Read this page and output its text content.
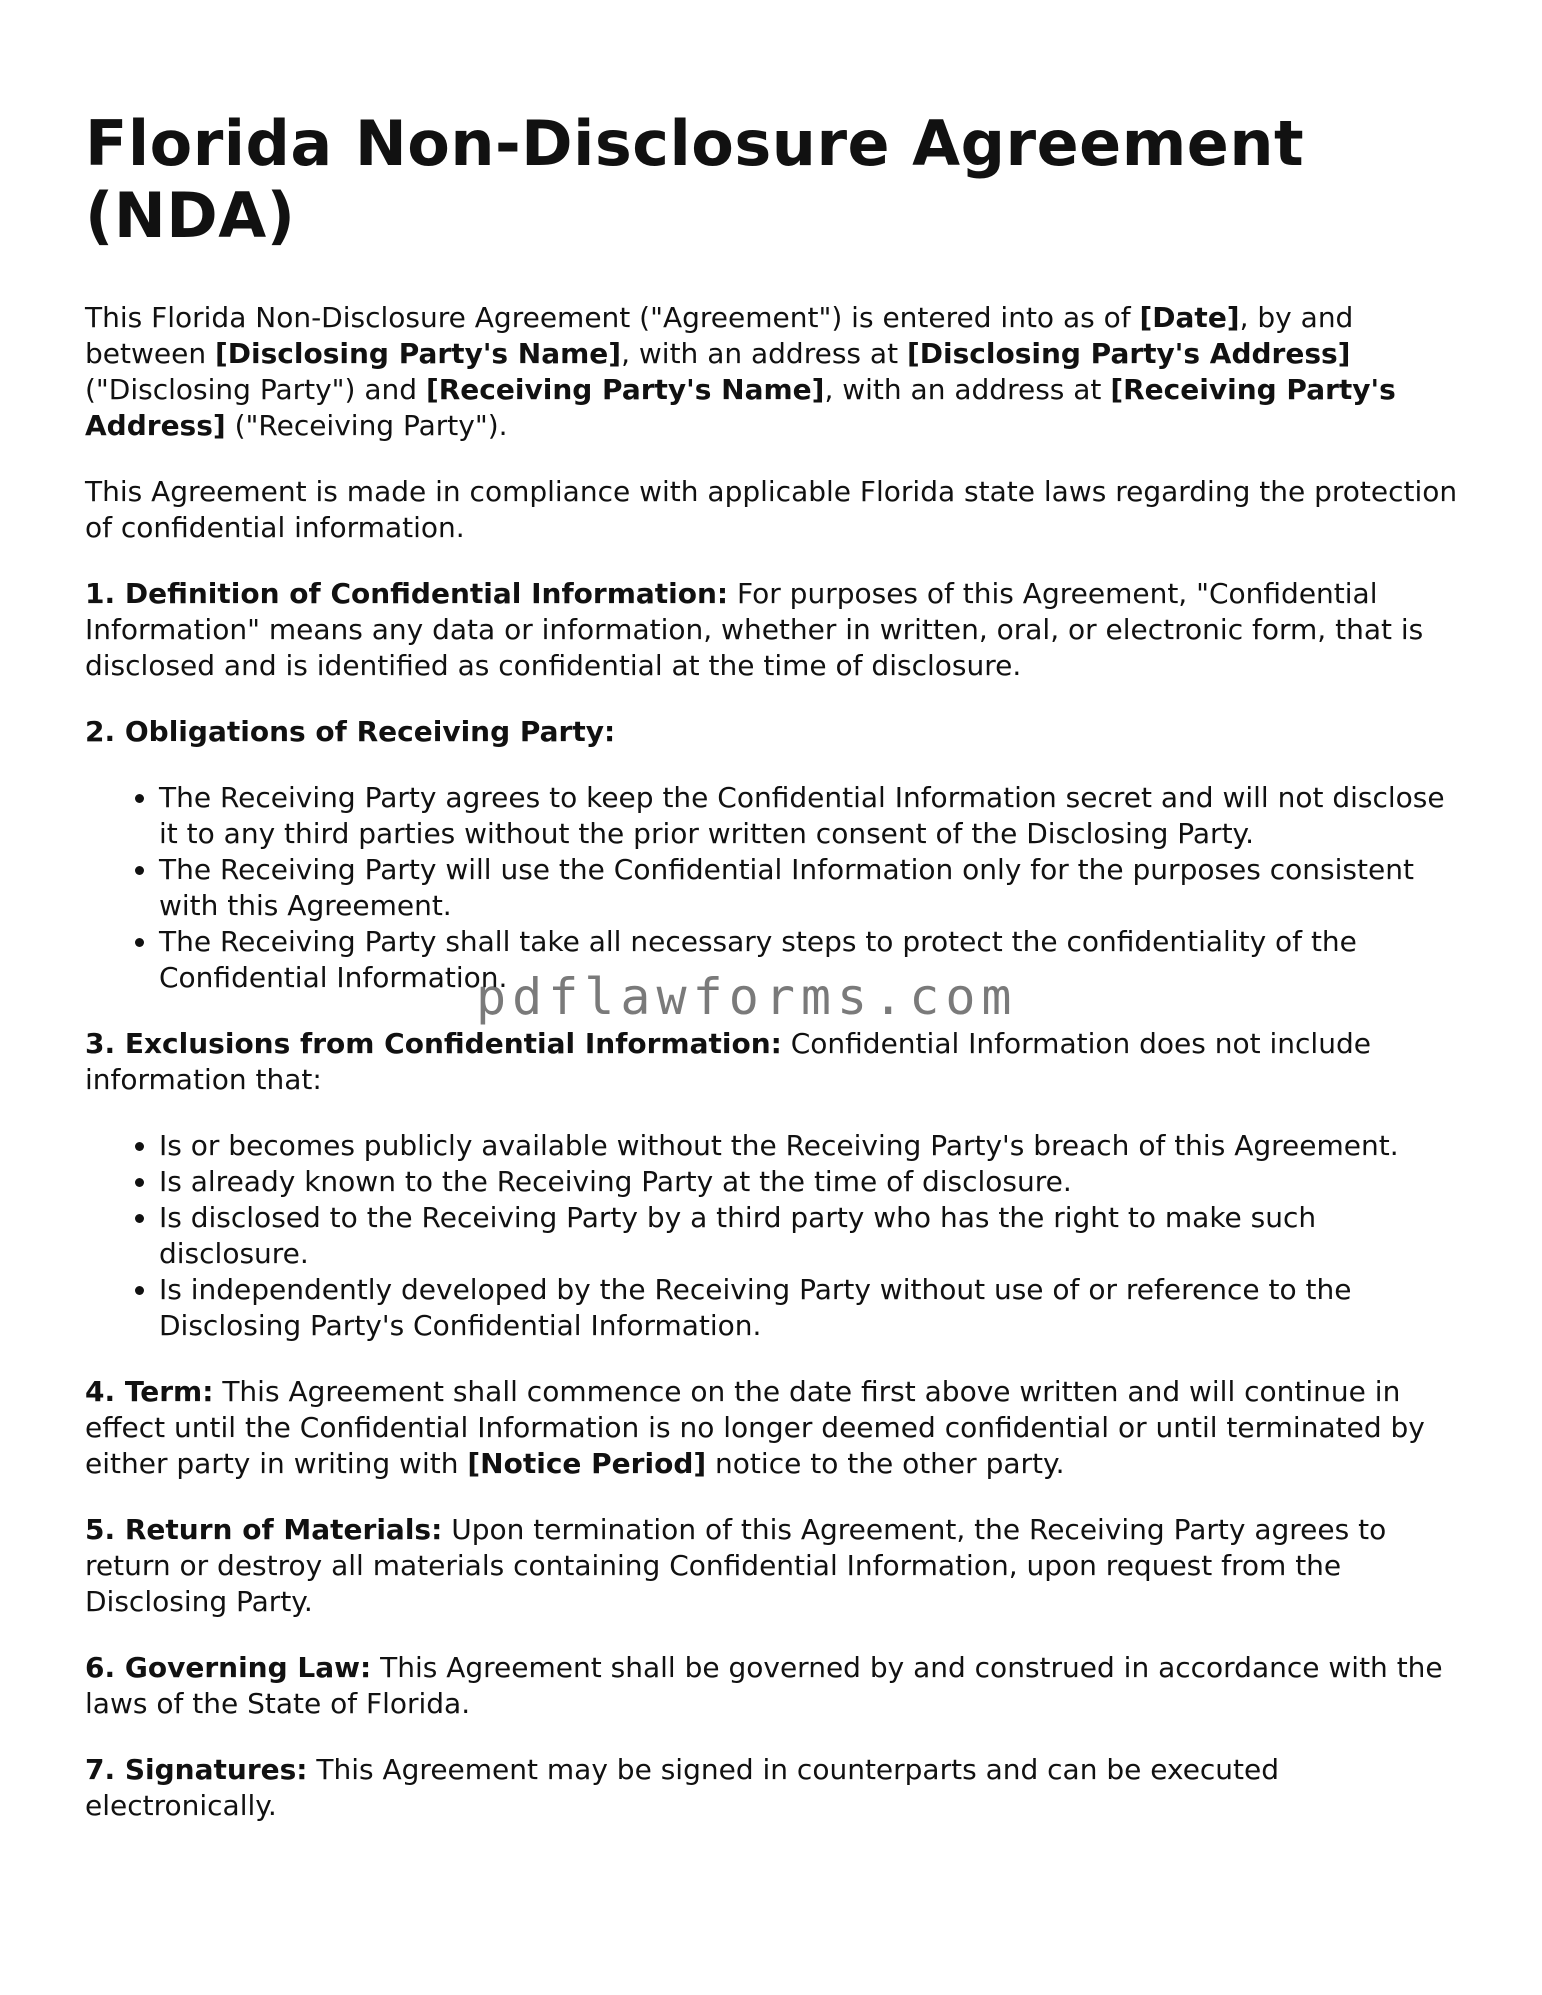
Florida Non-Disclosure Agreement (NDA)

This Florida Non-Disclosure Agreement ("Agreement") is entered into as of [Date], by and between [Disclosing Party's Name], with an address at [Disclosing Party's Address] ("Disclosing Party") and [Receiving Party's Name], with an address at [Receiving Party's Address] ("Receiving Party").

This Agreement is made in compliance with applicable Florida state laws regarding the protection of confidential information.

1. Definition of Confidential Information: For purposes of this Agreement, "Confidential Information" means any data or information, whether in written, oral, or electronic form, that is disclosed and is identified as confidential at the time of disclosure.

2. Obligations of Receiving Party:

• The Receiving Party agrees to keep the Confidential Information secret and will not disclose it to any third parties without the prior written consent of the Disclosing Party.
• The Receiving Party will use the Confidential Information only for the purposes consistent with this Agreement.
• The Receiving Party shall take all necessary steps to protect the confidentiality of the Confidential Information.

3. Exclusions from Confidential Information: Confidential Information does not include information that:

• Is or becomes publicly available without the Receiving Party's breach of this Agreement.
• Is already known to the Receiving Party at the time of disclosure.
• Is disclosed to the Receiving Party by a third party who has the right to make such disclosure.
• Is independently developed by the Receiving Party without use of or reference to the Disclosing Party's Confidential Information.

4. Term: This Agreement shall commence on the date first above written and will continue in effect until the Confidential Information is no longer deemed confidential or until terminated by either party in writing with [Notice Period] notice to the other party.

5. Return of Materials: Upon termination of this Agreement, the Receiving Party agrees to return or destroy all materials containing Confidential Information, upon request from the Disclosing Party.

6. Governing Law: This Agreement shall be governed by and construed in accordance with the laws of the State of Florida.

7. Signatures: This Agreement may be signed in counterparts and can be executed electronically.

pdflawforms.com
